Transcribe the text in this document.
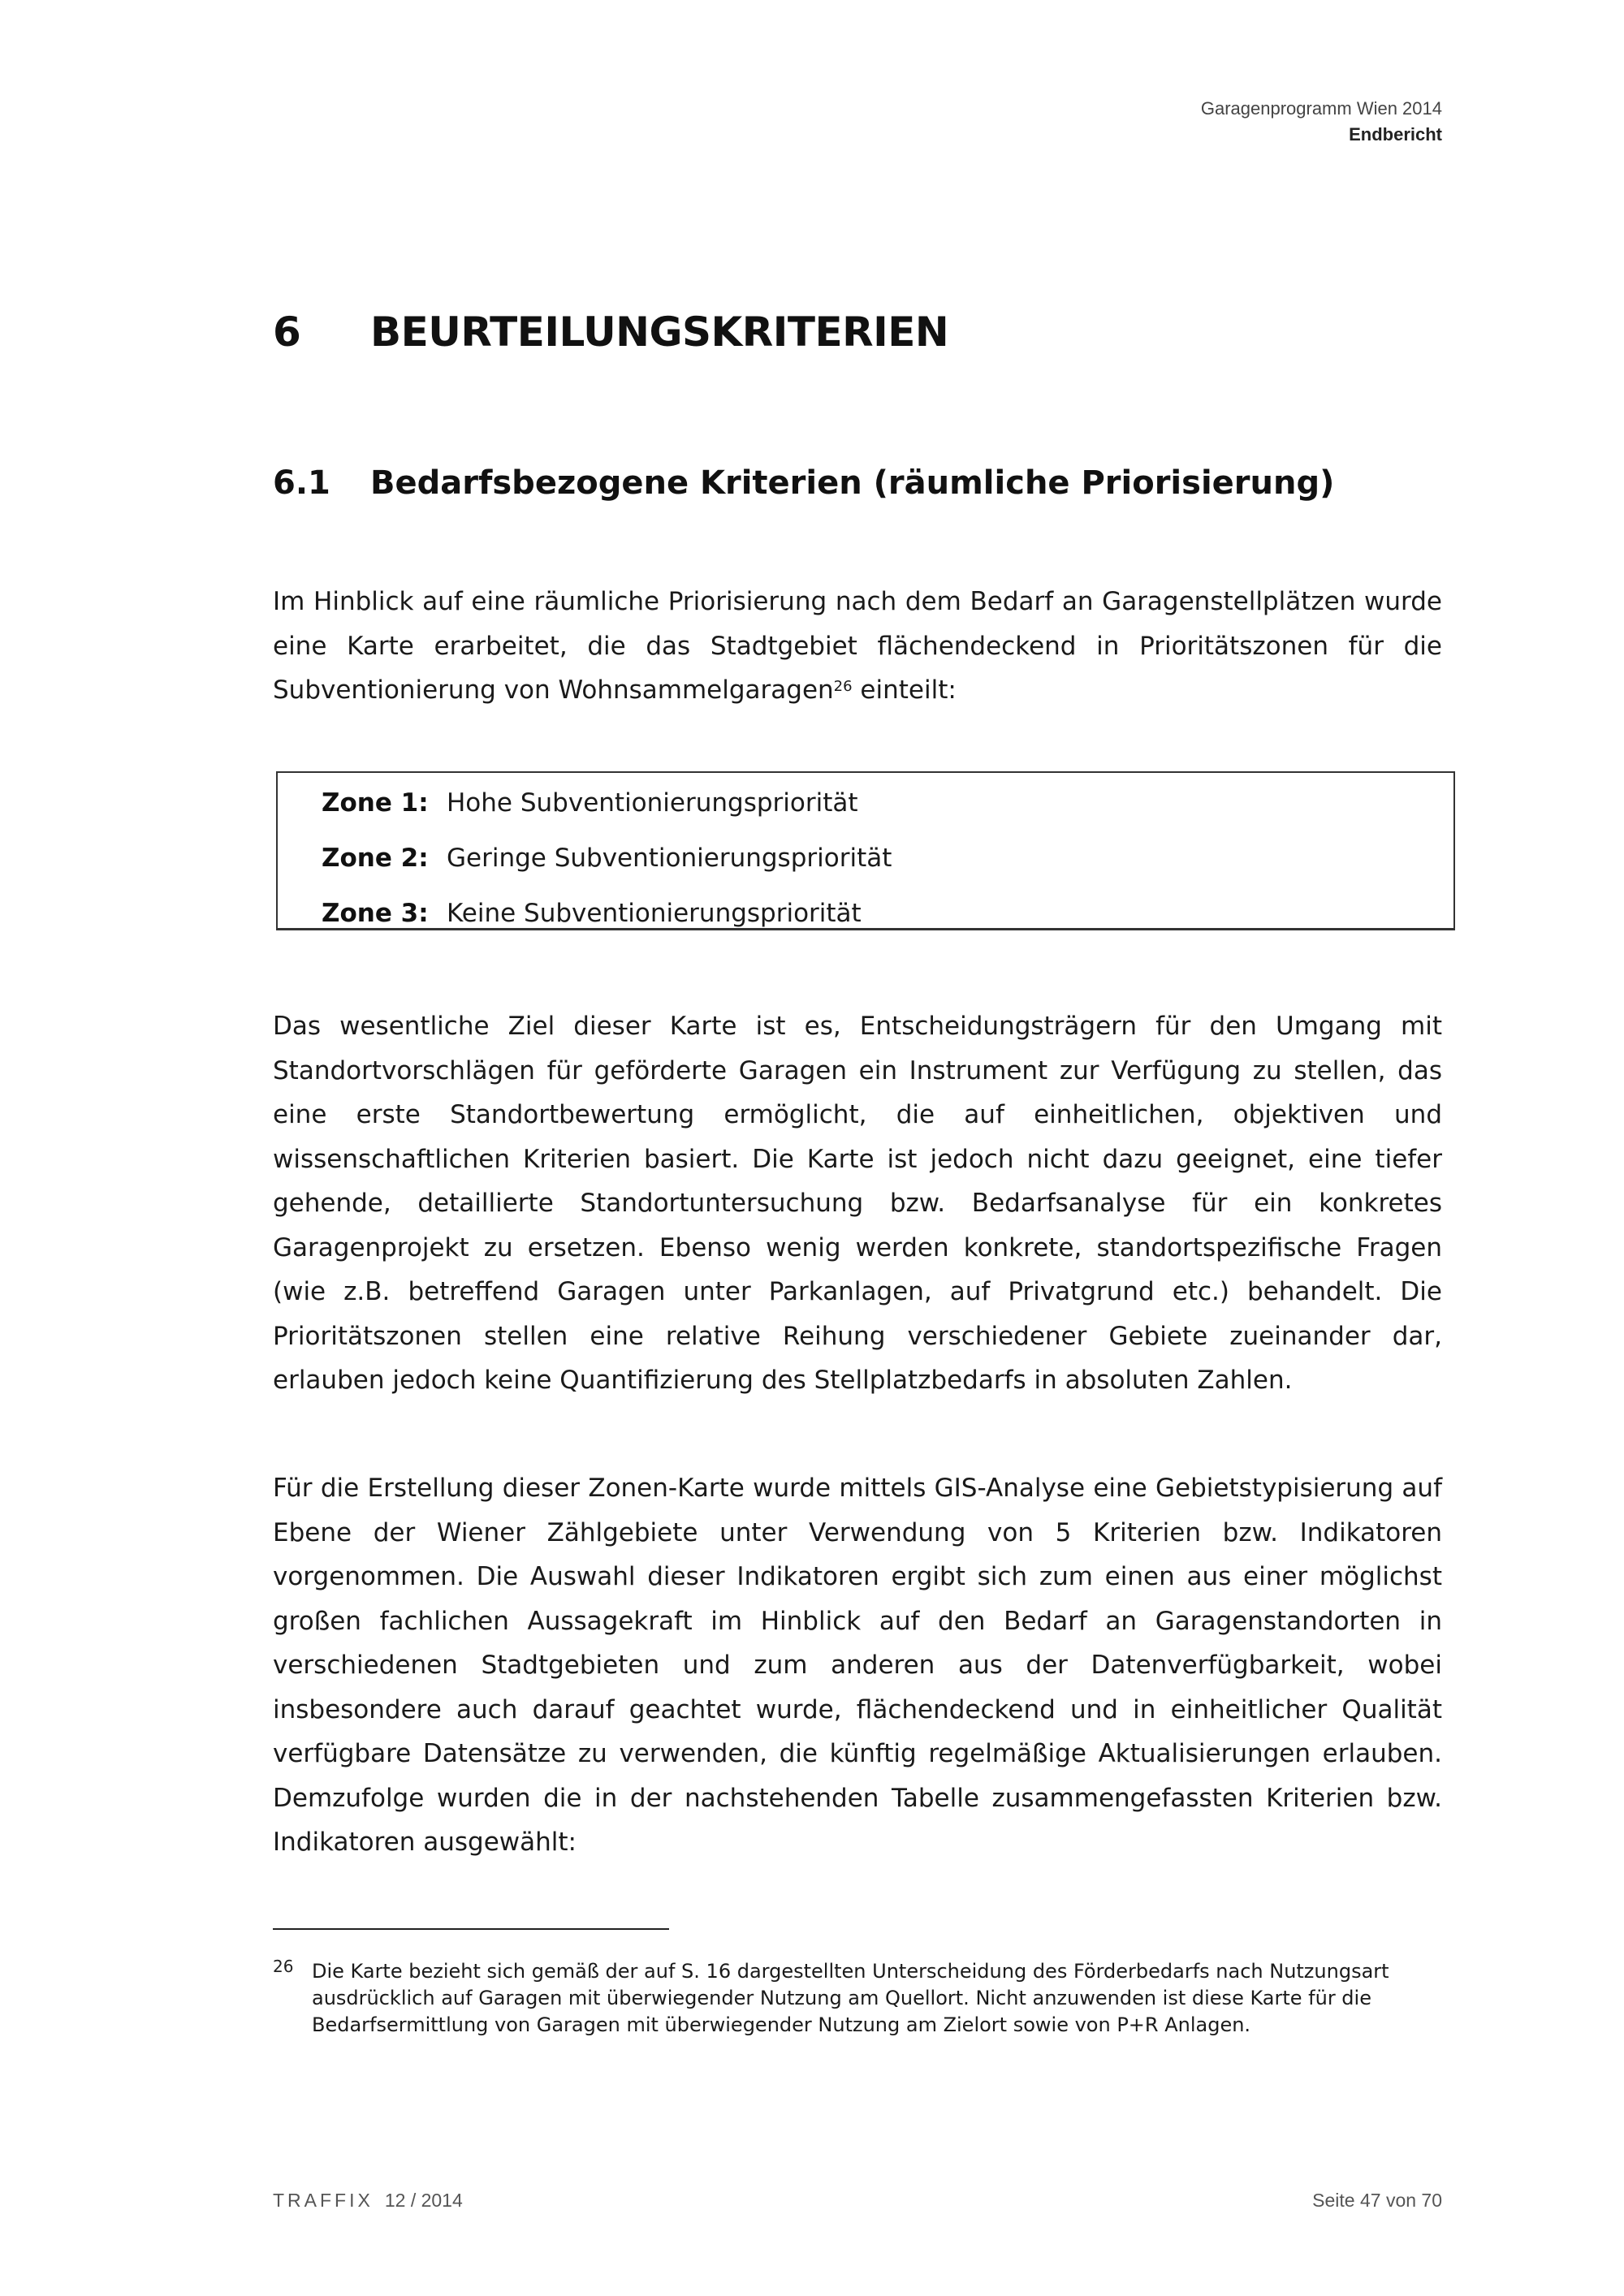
Garagenprogramm Wien 2014
Endbericht
6 BEURTEILUNGSKRITERIEN
6.1 Bedarfsbezogene Kriterien (räumliche Priorisierung)

Im Hinblick auf eine räumliche Priorisierung nach dem Bedarf an Garagenstellplätzen wurde eine Karte erarbeitet, die das Stadtgebiet flächendeckend in Prioritätszonen für die Subventionierung von Wohnsammelgaragen$^{26}$ einteilt:

Zone 1: Hohe Subventionierungspriorität
Zone 2: Geringe Subventionierungspriorität
Zone 3: Keine Subventionierungspriorität

Das wesentliche Ziel dieser Karte ist es, Entscheidungsträgern für den Umgang mit Standortvorschlägen für geförderte Garagen ein Instrument zur Verfügung zu stellen, das eine erste Standortbewertung ermöglicht, die auf einheitlichen, objektiven und wissenschaftlichen Kriterien basiert. Die Karte ist jedoch nicht dazu geeignet, eine tiefer gehende, detaillierte Standortuntersuchung bzw. Bedarfsanalyse für ein konkretes Garagenprojekt zu ersetzen. Ebenso wenig werden konkrete, standortspezifische Fragen (wie z.B. betreffend Garagen unter Parkanlagen, auf Privatgrund etc.) behandelt. Die Prioritätszonen stellen eine relative Reihung verschiedener Gebiete zueinander dar, erlauben jedoch keine Quantifizierung des Stellplatzbedarfs in absoluten Zahlen.

Für die Erstellung dieser Zonen-Karte wurde mittels GIS-Analyse eine Gebietstypisierung auf Ebene der Wiener Zählgebiete unter Verwendung von 5 Kriterien bzw. Indikatoren vorgenommen. Die Auswahl dieser Indikatoren ergibt sich zum einen aus einer möglichst großen fachlichen Aussagekraft im Hinblick auf den Bedarf an Garagenstandorten in verschiedenen Stadtgebieten und zum anderen aus der Datenverfügbarkeit, wobei insbesondere auch darauf geachtet wurde, flächendeckend und in einheitlicher Qualität verfügbare Datensätze zu verwenden, die künftig regelmäßige Aktualisierungen erlauben. Demzufolge wurden die in der nachstehenden Tabelle zusammengefassten Kriterien bzw. Indikatoren ausgewählt:

26 Die Karte bezieht sich gemäß der auf S. 16 dargestellten Unterscheidung des Förderbedarfs nach Nutzungsart ausdrücklich auf Garagen mit überwiegender Nutzung am Quellort. Nicht anzuwenden ist diese Karte für die Bedarfsermittlung von Garagen mit überwiegender Nutzung am Zielort sowie von P+R Anlagen.

TRAFFIX 12 / 2014	Seite 47 von 70
